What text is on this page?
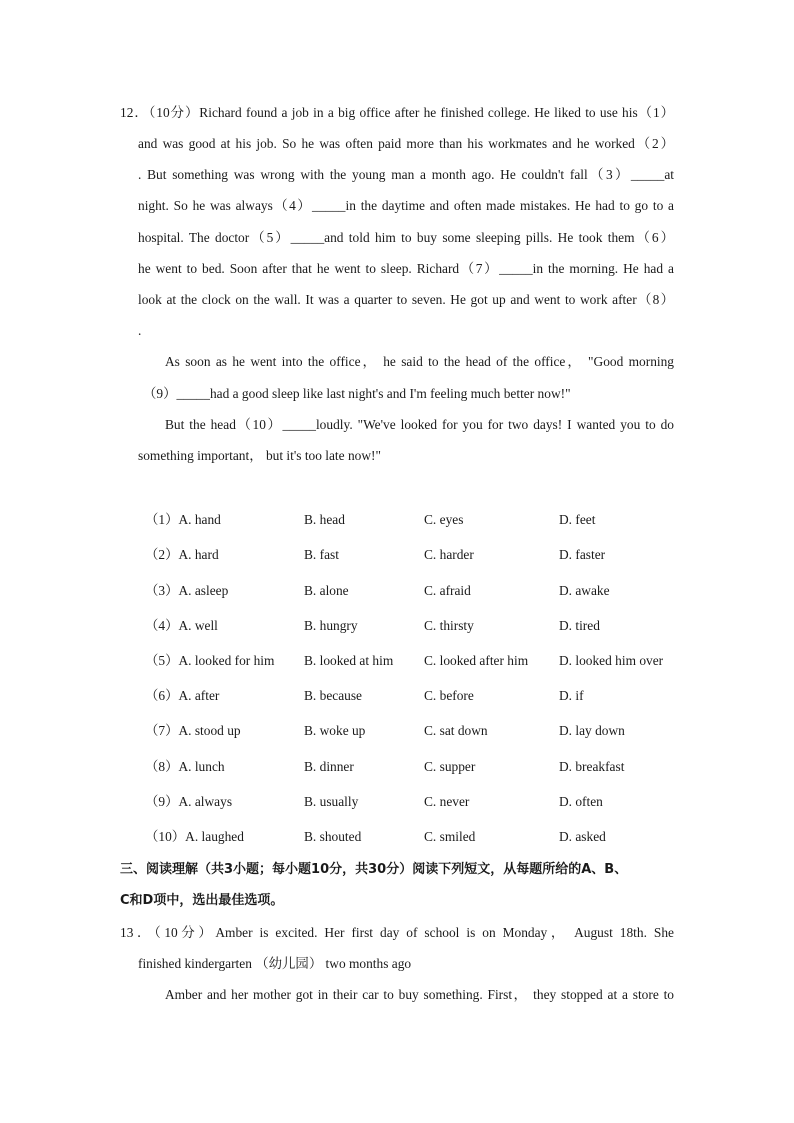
12．（10分）Richard found a job in a big office after he finished college. He liked to use his（1）
and was good at his job. So he was often paid more than his workmates and he worked（2）
. But something was wrong with the young man a month ago. He couldn't fall（3）_____at
night. So he was always（4）_____in the daytime and often made mistakes. He had to go to a
hospital. The doctor（5）_____and told him to buy some sleeping pills. He took them（6）
he went to bed. Soon after that he went to sleep. Richard（7）_____in the morning. He had a
look at the clock on the wall. It was a quarter to seven. He got up and went to work after（8）
.
As soon as he went into the office， he said to the head of the office， "Good morning
（9）_____had a good sleep like last night's and I'm feeling much better now!"
But the head（10）_____loudly. "We've looked for you for two days! I wanted you to do
something important， but it's too late now!"
（1）A. hand	B. head	C. eyes	D. feet
（2）A. hard	B. fast	C. harder	D. faster
（3）A. asleep	B. alone	C. afraid	D. awake
（4）A. well	B. hungry	C. thirsty	D. tired
（5）A. looked for him B. looked at him C. looked after him D. looked him over
（6）A. after	B. because	C. before	D. if
（7）A. stood up	B. woke up	C. sat down	D. lay down
（8）A. lunch	B. dinner	C. supper	D. breakfast
（9）A. always	B. usually	C. never	D. often
（10）A. laughed	B. shouted	C. smiled	D. asked
三、阅读理解（共3小题；每小题10分，共30分）阅读下列短文，从每题所给的A、B、
C和D项中，选出最佳选项。
13．（10分）Amber is excited. Her first day of school is on Monday， August 18th. She
finished kindergarten （幼儿园） two months ago
Amber and her mother got in their car to buy something. First， they stopped at a store to
